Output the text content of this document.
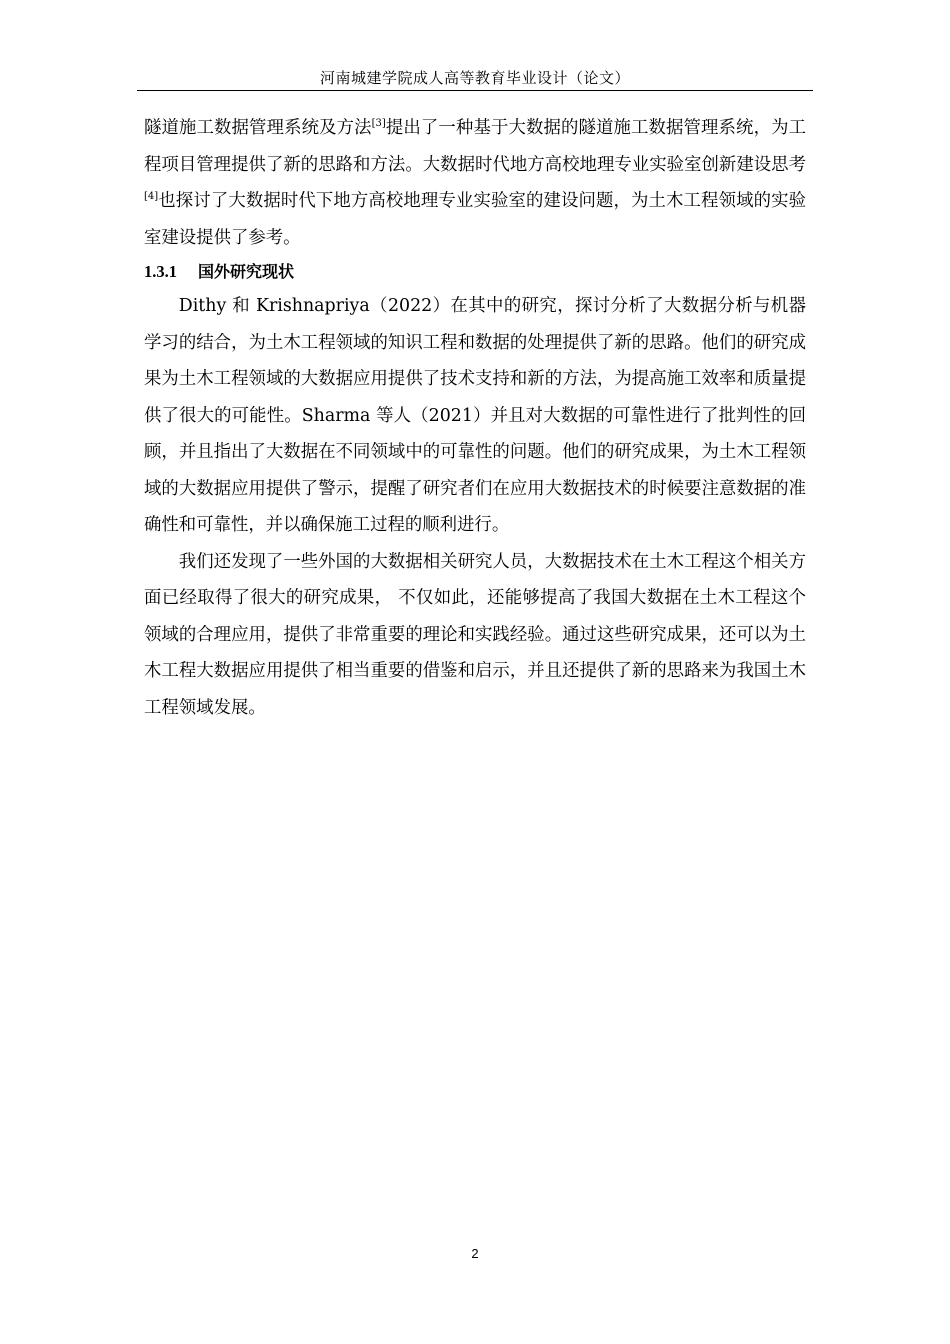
河南城建学院成人高等教育毕业设计（论文）

隧道施工数据管理系统及方法[3]提出了一种基于大数据的隧道施工数据管理系统，为工程项目管理提供了新的思路和方法。大数据时代地方高校地理专业实验室创新建设思考[4]也探讨了大数据时代下地方高校地理专业实验室的建设问题，为土木工程领域的实验室建设提供了参考。

1.3.1 国外研究现状

Dithy 和 Krishnapriya（2022）在其中的研究，探讨分析了大数据分析与机器学习的结合，为土木工程领域的知识工程和数据的处理提供了新的思路。他们的研究成果为土木工程领域的大数据应用提供了技术支持和新的方法，为提高施工效率和质量提供了很大的可能性。Sharma 等人（2021）并且对大数据的可靠性进行了批判性的回顾，并且指出了大数据在不同领域中的可靠性的问题。他们的研究成果，为土木工程领域的大数据应用提供了警示，提醒了研究者们在应用大数据技术的时候要注意数据的准确性和可靠性，并以确保施工过程的顺利进行。

我们还发现了一些外国的大数据相关研究人员，大数据技术在土木工程这个相关方面已经取得了很大的研究成果， 不仅如此，还能够提高了我国大数据在土木工程这个领域的合理应用，提供了非常重要的理论和实践经验。通过这些研究成果，还可以为土木工程大数据应用提供了相当重要的借鉴和启示，并且还提供了新的思路来为我国土木工程领域发展。

2
